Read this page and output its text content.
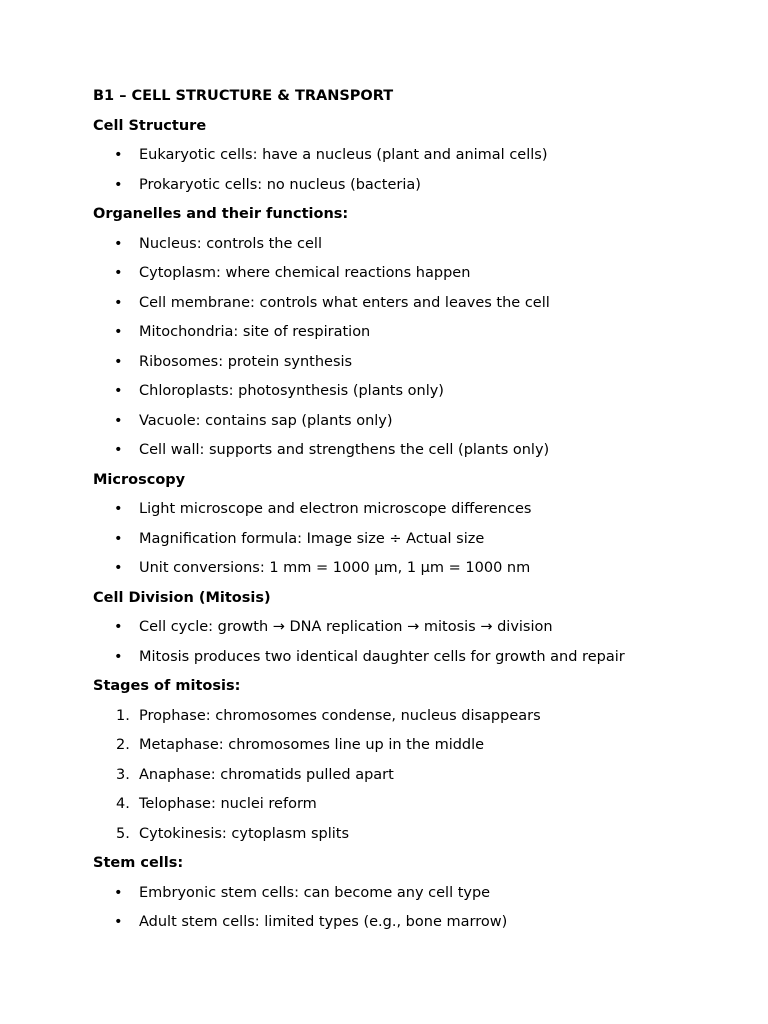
B1 – CELL STRUCTURE & TRANSPORT
Cell Structure
• Eukaryotic cells: have a nucleus (plant and animal cells)
• Prokaryotic cells: no nucleus (bacteria)
Organelles and their functions:
• Nucleus: controls the cell
• Cytoplasm: where chemical reactions happen
• Cell membrane: controls what enters and leaves the cell
• Mitochondria: site of respiration
• Ribosomes: protein synthesis
• Chloroplasts: photosynthesis (plants only)
• Vacuole: contains sap (plants only)
• Cell wall: supports and strengthens the cell (plants only)
Microscopy
• Light microscope and electron microscope differences
• Magnification formula: Image size ÷ Actual size
• Unit conversions: 1 mm = 1000 μm, 1 μm = 1000 nm
Cell Division (Mitosis)
• Cell cycle: growth → DNA replication → mitosis → division
• Mitosis produces two identical daughter cells for growth and repair
Stages of mitosis:
1. Prophase: chromosomes condense, nucleus disappears
2. Metaphase: chromosomes line up in the middle
3. Anaphase: chromatids pulled apart
4. Telophase: nuclei reform
5. Cytokinesis: cytoplasm splits
Stem cells:
• Embryonic stem cells: can become any cell type
• Adult stem cells: limited types (e.g., bone marrow)
